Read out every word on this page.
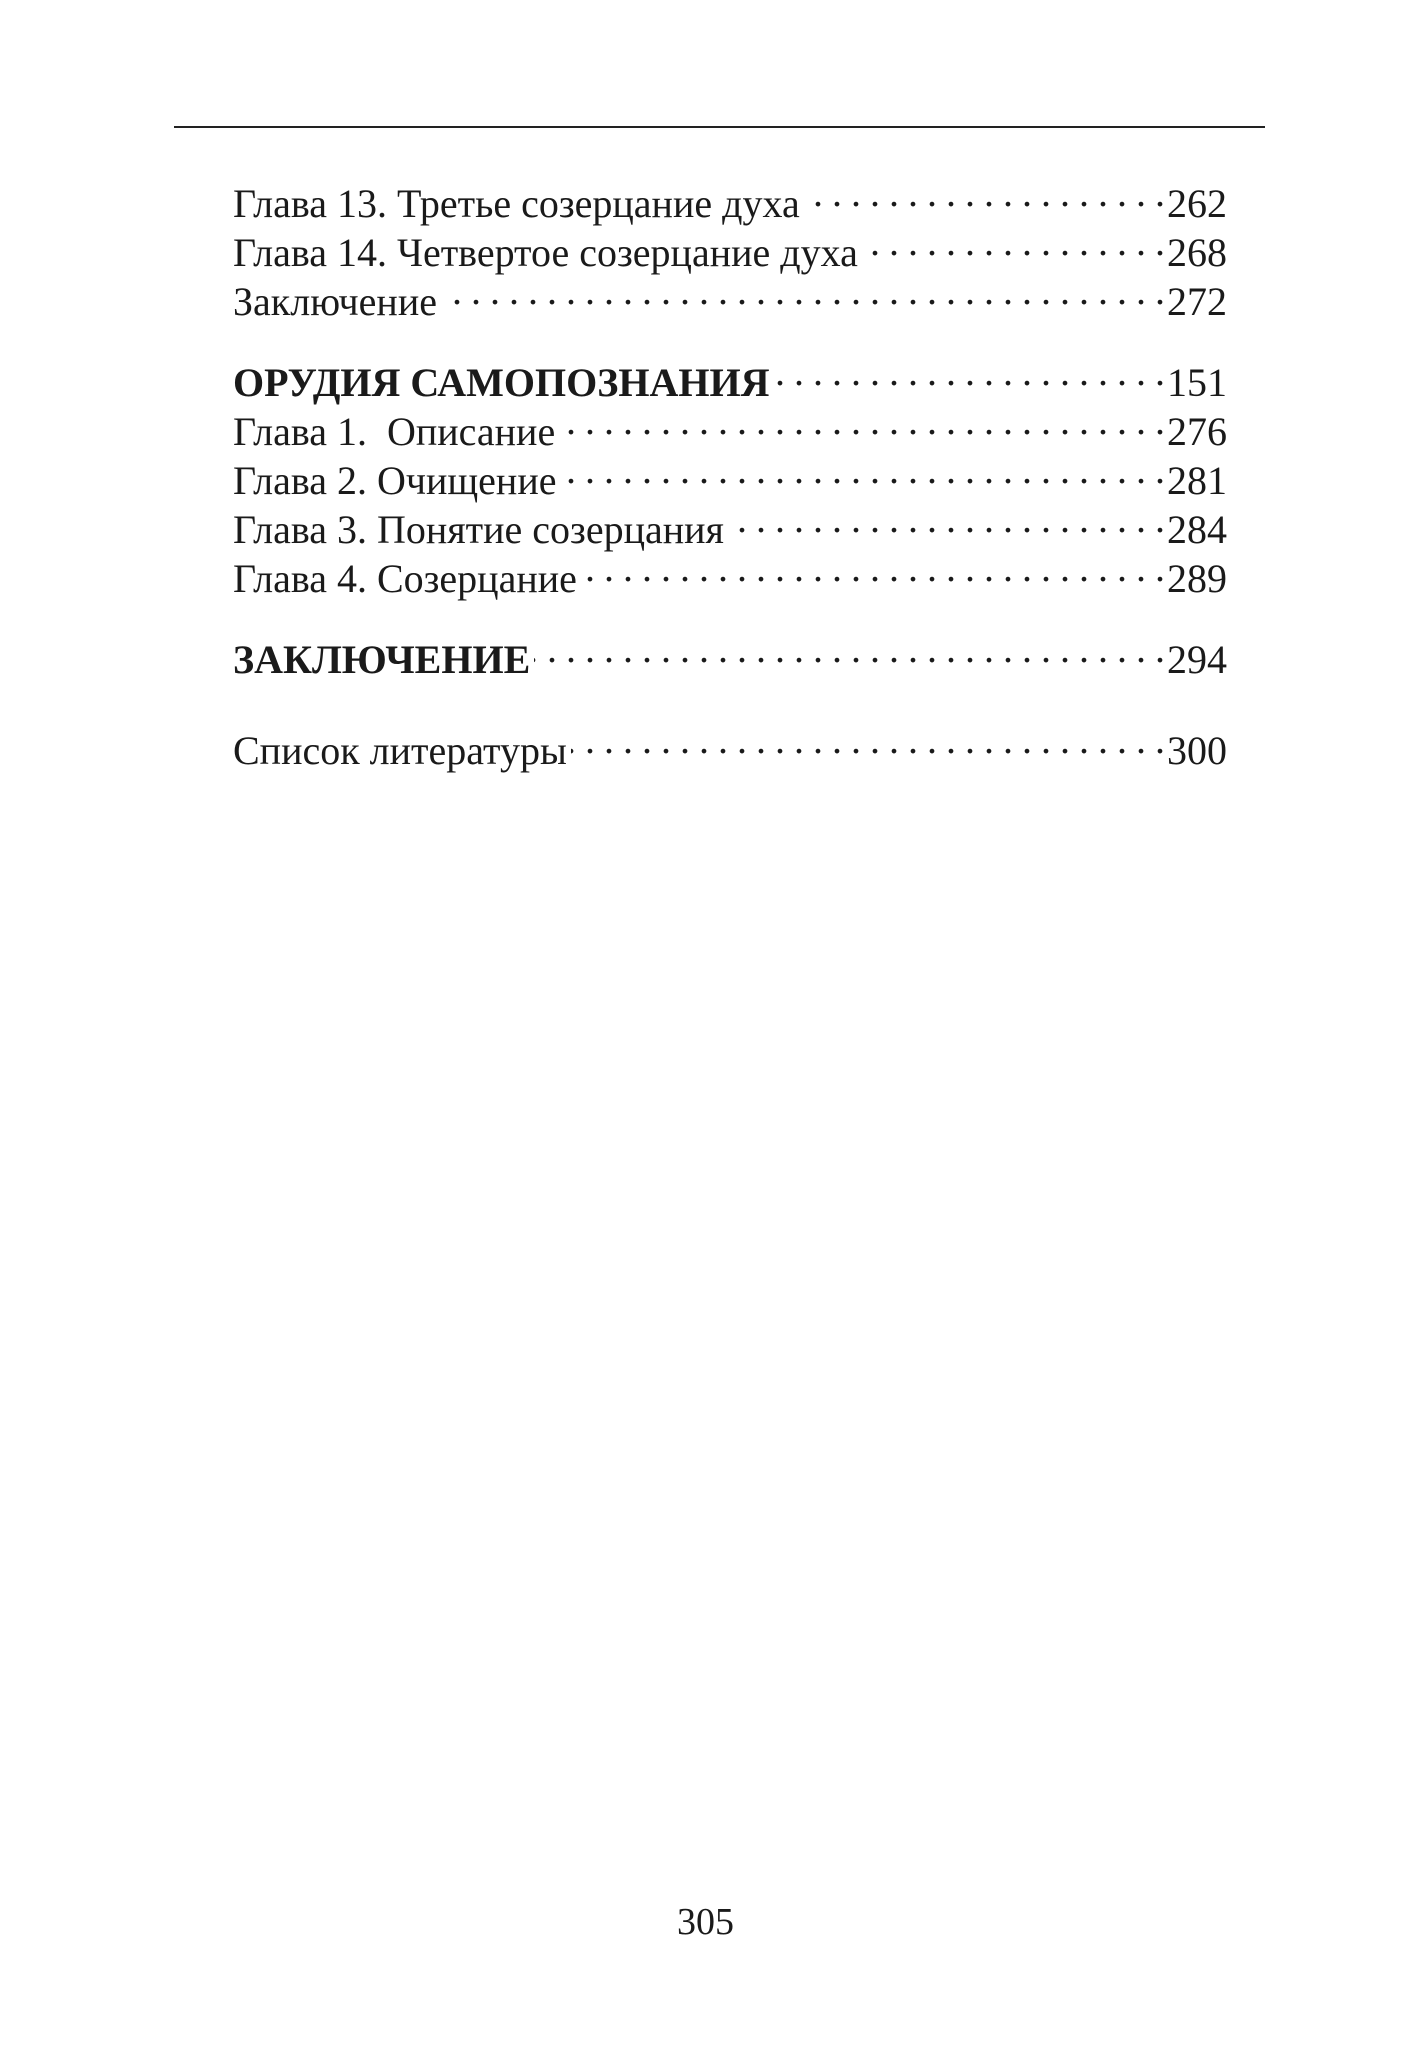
Глава 13. Третье созерцание духа . . .	262
Глава 14. Четвертое созерцание духа . . .	268
Заключение . . .	272
ОРУДИЯ САМОПОЗНАНИЯ . . .	151
Глава 1.  Описание . . .	276
Глава 2. Очищение . . .	281
Глава 3. Понятие созерцания . . .	284
Глава 4. Созерцание . . .	289
ЗАКЛЮЧЕНИЕ . . .	294
Список литературы . . .	300
305
